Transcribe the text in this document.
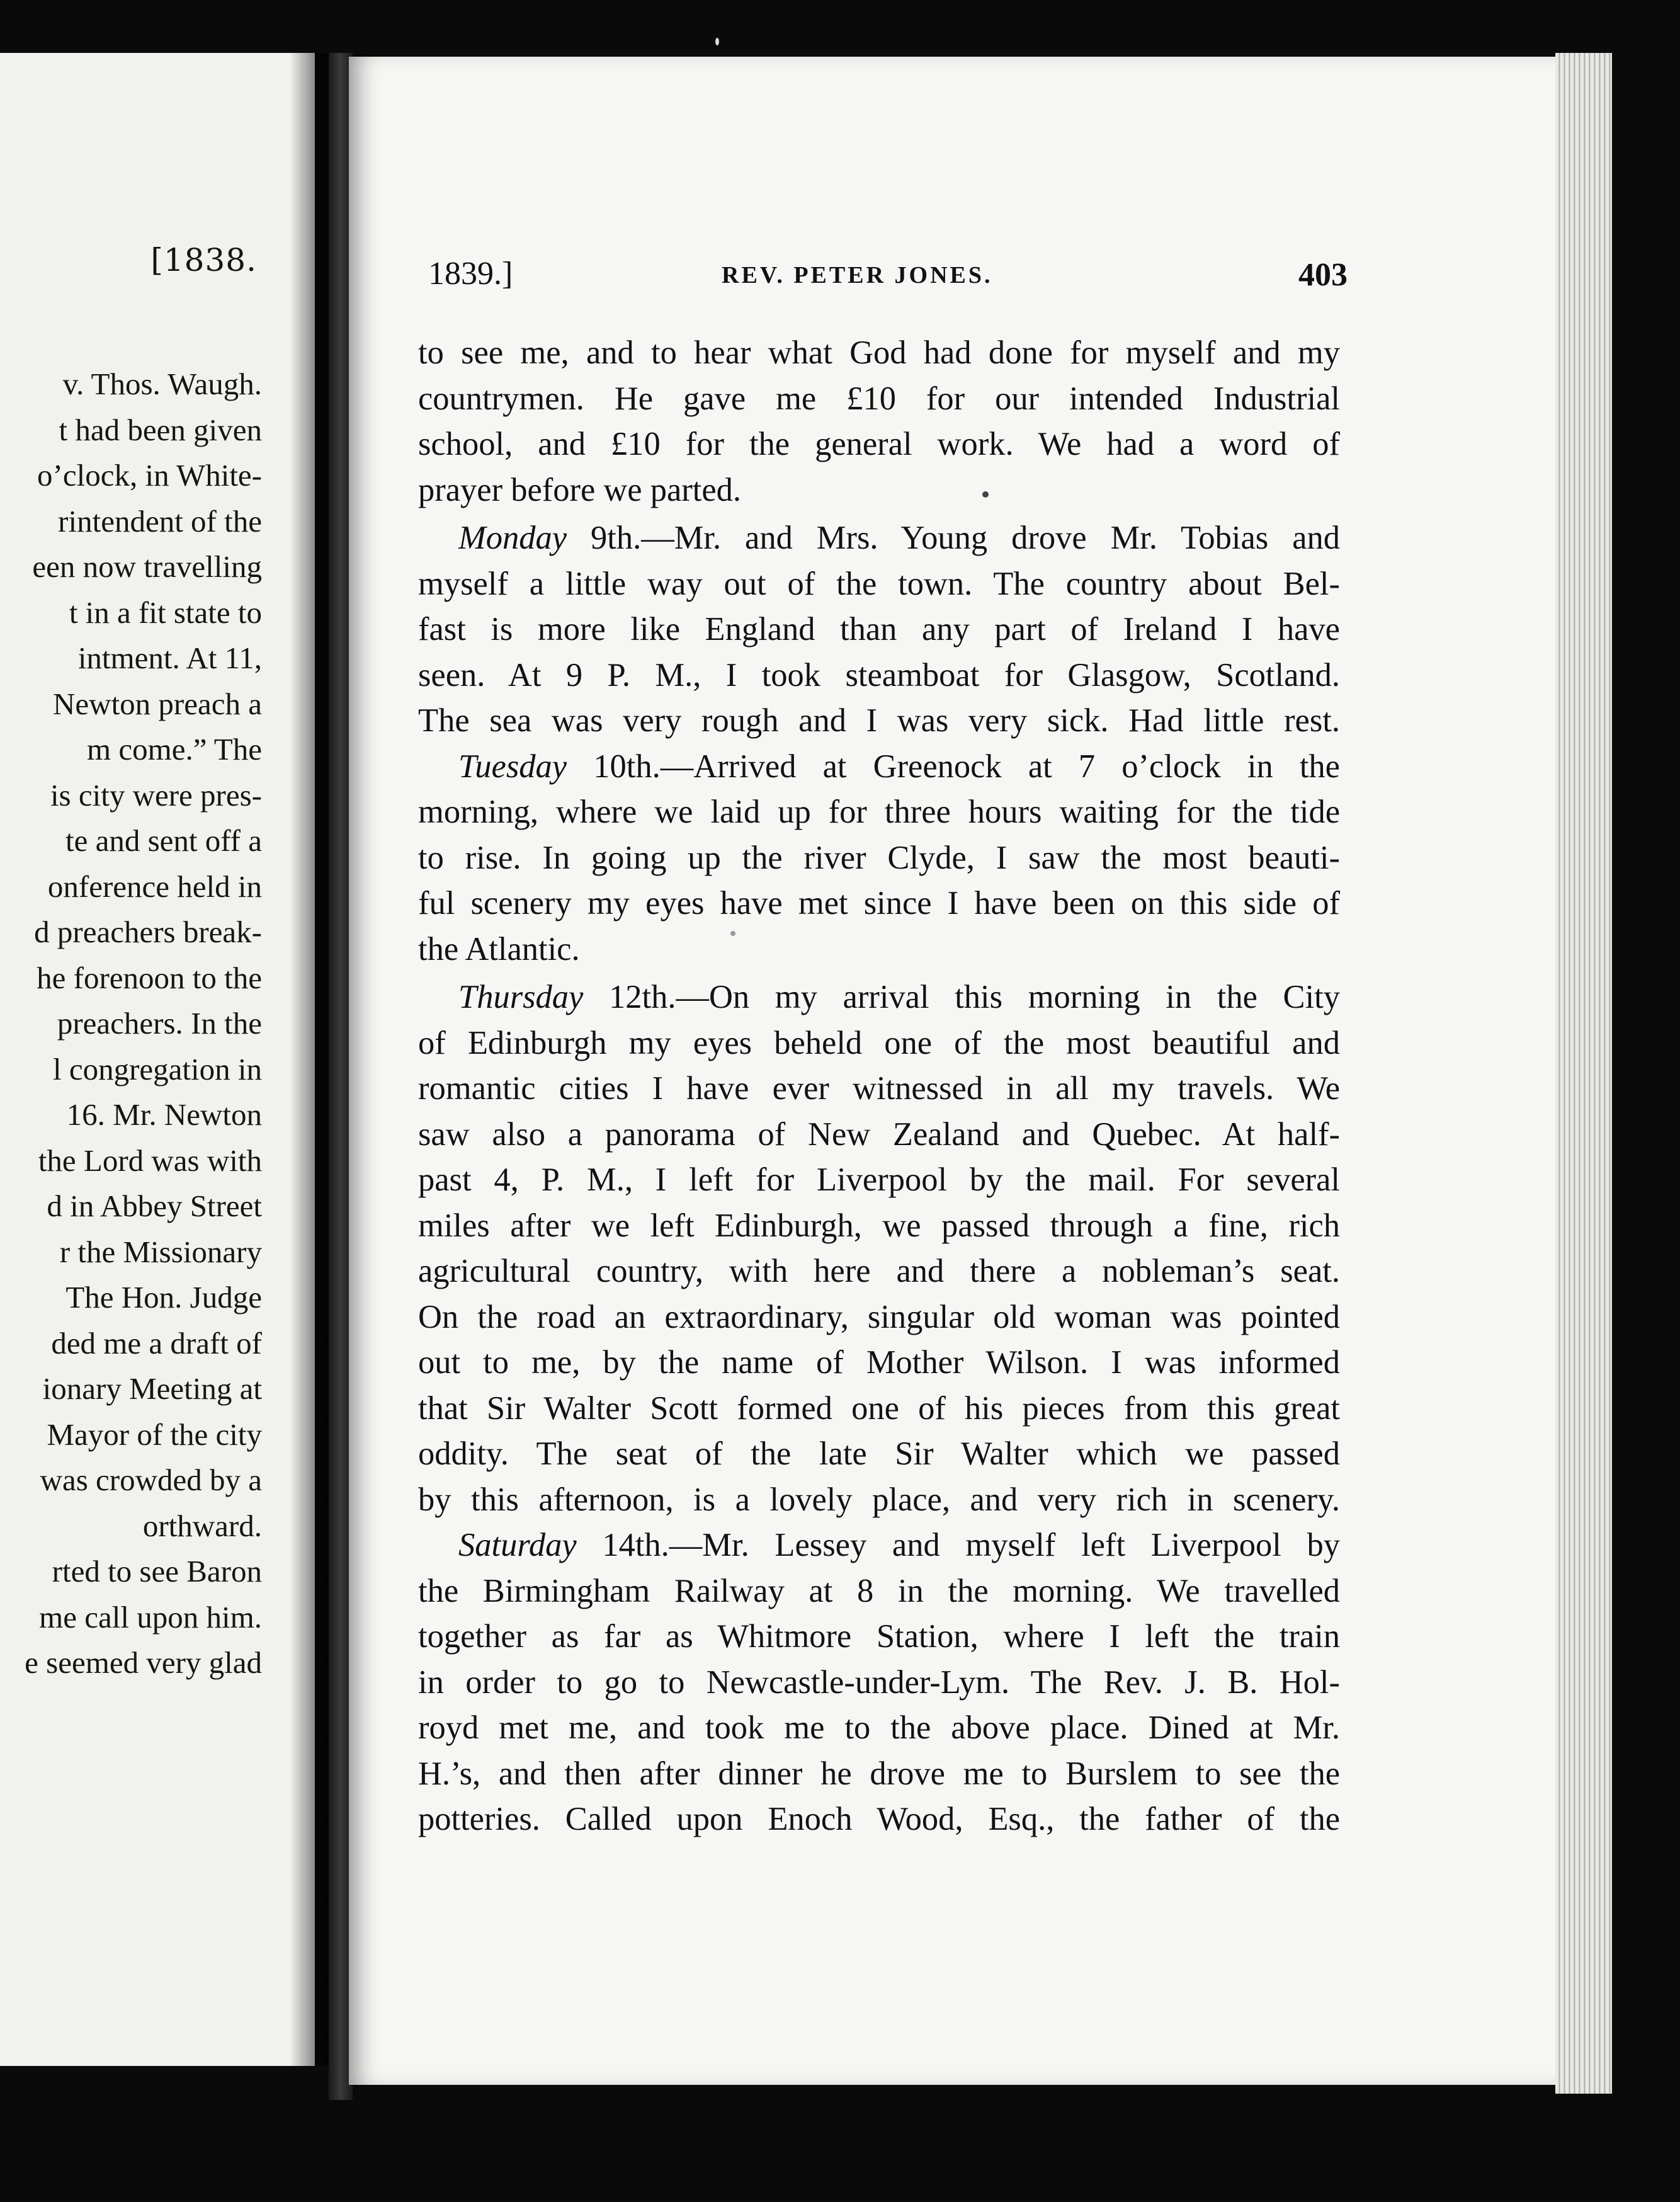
[1838.
v. Thos. Waugh.
t had been given
o’clock, in White-
rintendent of the
een now travelling
t in a fit state to
intment. At 11,
Newton preach a
m come.” The
is city were pres-
te and sent off a
onference held in
d preachers break-
he forenoon to the
preachers. In the
l congregation in
16. Mr. Newton
the Lord was with
d in Abbey Street
r the Missionary
The Hon. Judge
ded me a draft of
ionary Meeting at
Mayor of the city
was crowded by a
orthward.
rted to see Baron
me call upon him.
e seemed very glad
1839.]	REV. PETER JONES.	403
to see me, and to hear what God had done for myself and my
countrymen. He gave me £10 for our intended Industrial
school, and £10 for the general work. We had a word of
prayer before we parted.
Monday 9th.—Mr. and Mrs. Young drove Mr. Tobias and
myself a little way out of the town. The country about Bel-
fast is more like England than any part of Ireland I have
seen. At 9 P. M., I took steamboat for Glasgow, Scotland.
The sea was very rough and I was very sick. Had little rest.
Tuesday 10th.—Arrived at Greenock at 7 o’clock in the
morning, where we laid up for three hours waiting for the tide
to rise. In going up the river Clyde, I saw the most beauti-
ful scenery my eyes have met since I have been on this side of
the Atlantic.
Thursday 12th.—On my arrival this morning in the City
of Edinburgh my eyes beheld one of the most beautiful and
romantic cities I have ever witnessed in all my travels. We
saw also a panorama of New Zealand and Quebec. At half-
past 4, P. M., I left for Liverpool by the mail. For several
miles after we left Edinburgh, we passed through a fine, rich
agricultural country, with here and there a nobleman’s seat.
On the road an extraordinary, singular old woman was pointed
out to me, by the name of Mother Wilson. I was informed
that Sir Walter Scott formed one of his pieces from this great
oddity. The seat of the late Sir Walter which we passed
by this afternoon, is a lovely place, and very rich in scenery.
Saturday 14th.—Mr. Lessey and myself left Liverpool by
the Birmingham Railway at 8 in the morning. We travelled
together as far as Whitmore Station, where I left the train
in order to go to Newcastle-under-Lym. The Rev. J. B. Hol-
royd met me, and took me to the above place. Dined at Mr.
H.’s, and then after dinner he drove me to Burslem to see the
potteries. Called upon Enoch Wood, Esq., the father of the
